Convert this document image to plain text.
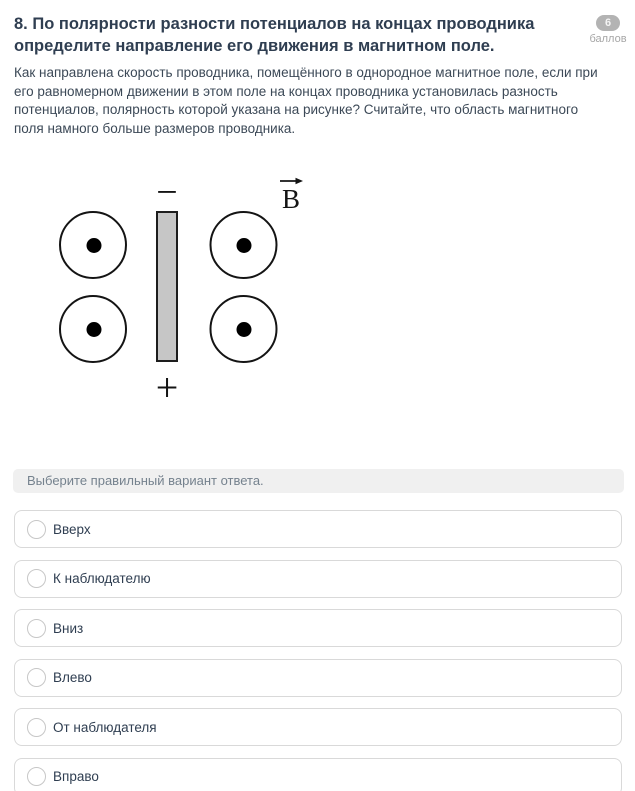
8. По полярности разности потенциалов на концах проводника определите направление его движения в магнитном поле.
6
баллов

Как направлена скорость проводника, помещённого в однородное магнитное поле, если при его равномерном движении в этом поле на концах проводника установилась разность потенциалов, полярность которой указана на рисунке? Считайте, что область магнитного поля намного больше размеров проводника.

−
+
B
Выберите правильный вариант ответа.
Вверх
К наблюдателю
Вниз
Влево
От наблюдателя
Вправо
